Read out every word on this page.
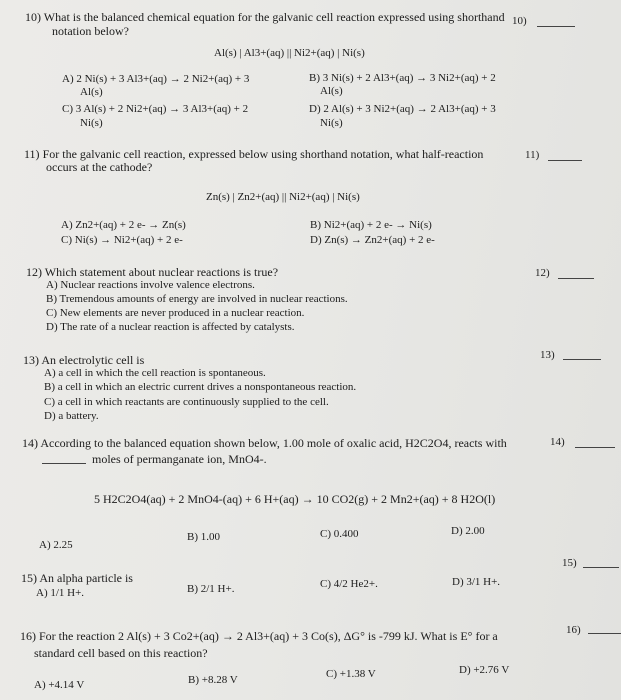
10) What is the balanced chemical equation for the galvanic cell reaction expressed using shorthand
notation below?
10)
Al(s) | Al3+(aq) || Ni2+(aq) | Ni(s)
A) 2 Ni(s) + 3 Al3+(aq) → 2 Ni2+(aq) + 3
Al(s)
B) 3 Ni(s) + 2 Al3+(aq) → 3 Ni2+(aq) + 2
Al(s)
C) 3 Al(s) + 2 Ni2+(aq) → 3 Al3+(aq) + 2
Ni(s)
D) 2 Al(s) + 3 Ni2+(aq) → 2 Al3+(aq) + 3
Ni(s)
11) For the galvanic cell reaction, expressed below using shorthand notation, what half-reaction
occurs at the cathode?
11)
Zn(s) | Zn2+(aq) || Ni2+(aq) | Ni(s)
A) Zn2+(aq) + 2 e- → Zn(s)	B) Ni2+(aq) + 2 e- → Ni(s)
C) Ni(s) → Ni2+(aq) + 2 e-	D) Zn(s) → Zn2+(aq) + 2 e-
12) Which statement about nuclear reactions is true?	12)
A) Nuclear reactions involve valence electrons.
B) Tremendous amounts of energy are involved in nuclear reactions.
C) New elements are never produced in a nuclear reaction.
D) The rate of a nuclear reaction is affected by catalysts.
13) An electrolytic cell is	13)
A) a cell in which the cell reaction is spontaneous.
B) a cell in which an electric current drives a nonspontaneous reaction.
C) a cell in which reactants are continuously supplied to the cell.
D) a battery.
14) According to the balanced equation shown below, 1.00 mole of oxalic acid, H2C2O4, reacts with
moles of permanganate ion, MnO4-.
14)
5 H2C2O4(aq) + 2 MnO4-(aq) + 6 H+(aq) → 10 CO2(g) + 2 Mn2+(aq) + 8 H2O(l)
A) 2.25
B) 1.00	C) 0.400	D) 2.00
15)
15) An alpha particle is
A) 1/1 H+.	B) 2/1 H+.	C) 4/2 He2+.	D) 3/1 H+.
16)
16) For the reaction 2 Al(s) + 3 Co2+(aq) → 2 Al3+(aq) + 3 Co(s), ΔG° is -799 kJ. What is E° for a
standard cell based on this reaction?
A) +4.14 V	B) +8.28 V	C) +1.38 V	D) +2.76 V
